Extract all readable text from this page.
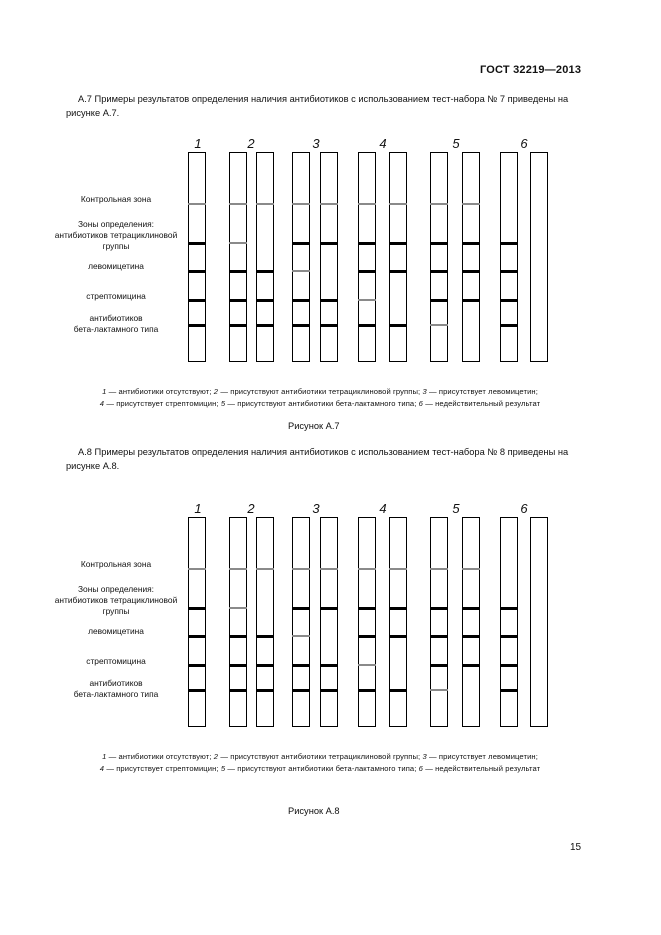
ГОСТ 32219—2013
А.7 Примеры результатов определения наличия антибиотиков с использованием тест-набора № 7 приведены на рисунке А.7.
Контрольная зона
Зоны определения:
антибиотиков тетрациклиновой
группы
левомицетина
стрептомицина
антибиотиков
бета-лактамного типа
1	2	3	4	5	6
1 — антибиотики отсутствуют; 2 — присутствуют антибиотики тетрациклиновой группы; 3 — присутствует левомицетин;
4 — присутствует стрептомицин; 5 — присутствуют антибиотики бета-лактамного типа; 6 — недействительный результат
Рисунок А.7
А.8 Примеры результатов определения наличия антибиотиков с использованием тест-набора № 8 приведены на рисунке А.8.
Контрольная зона
Зоны определения:
антибиотиков тетрациклиновой
группы
левомицетина
стрептомицина
антибиотиков
бета-лактамного типа
1	2	3	4	5	6
1 — антибиотики отсутствуют; 2 — присутствуют антибиотики тетрациклиновой группы; 3 — присутствует левомицетин;
4 — присутствует стрептомицин; 5 — присутствуют антибиотики бета-лактамного типа; 6 — недействительный результат
Рисунок А.8
15
